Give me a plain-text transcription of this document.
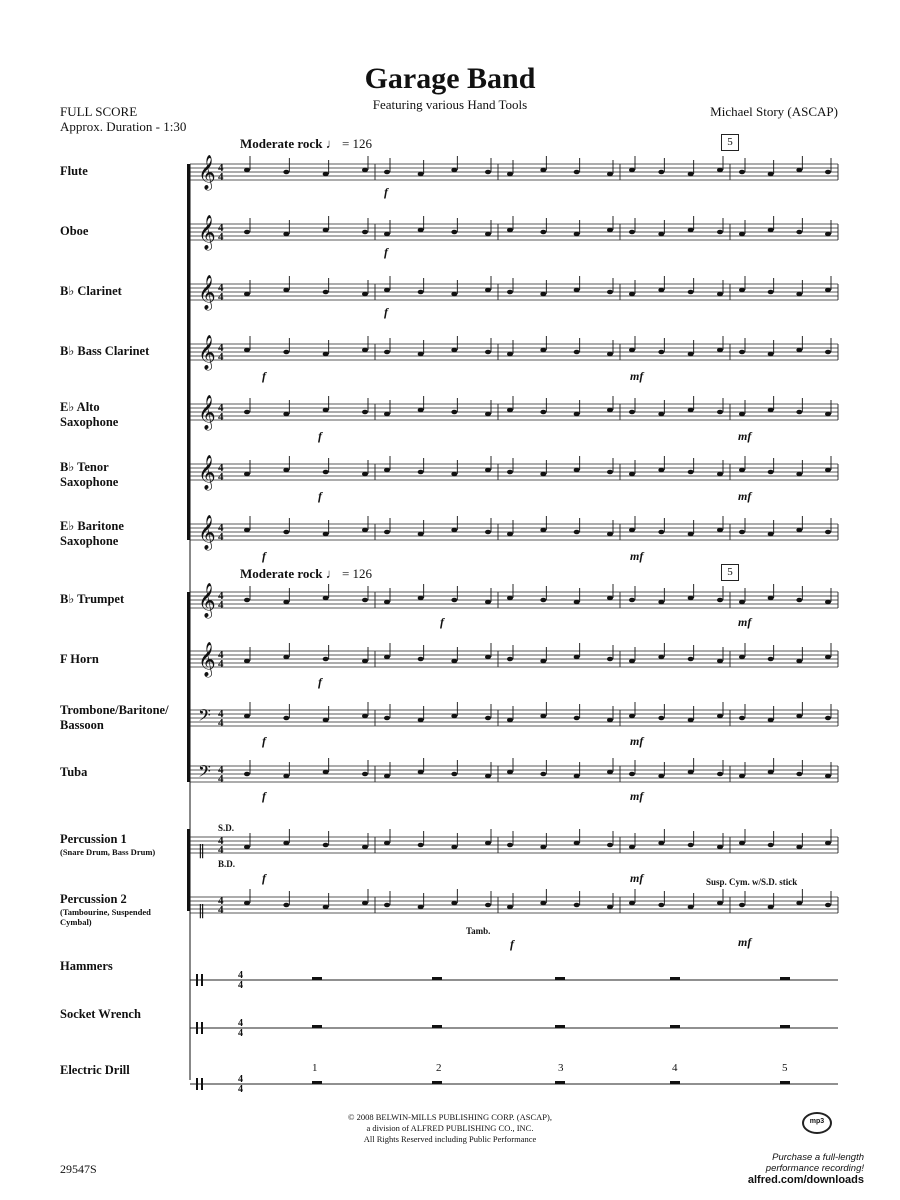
Garage Band
Featuring various Hand Tools
FULL SCORE
Approx. Duration - 1:30
Michael Story (ASCAP)
Moderate rock ♩ = 126	5
Moderate rock ♩ = 126	5
Flute
Oboe
B♭ Clarinet
B♭ Bass Clarinet
E♭ Alto Saxophone
B♭ Tenor Saxophone
E♭ Baritone Saxophone
B♭ Trumpet
F Horn
Trombone/Baritone/ Bassoon
Tuba
Percussion 1
(Snare Drum, Bass Drum)
Percussion 2
(Tambourine, Suspended Cymbal)
Hammers
Socket Wrench
Electric Drill
𝄞 4
4
𝄞 4
4
𝄞 4
4
𝄞 4
4
𝄞 4
4
𝄞 4
4
𝄞 4
4
𝄞 4
4
𝄞 4
4
𝄢 4
4
𝄢 4
4
‖
4
4
‖
4
4
4
4
4
4
4
4
f
f
f
f	mf
f	mf
f	mf
f	mf
f	mf
f
f	mf
f	mf
f	mf
f	mf
S.D.
B.D.
Tamb.
Susp. Cym. w/S.D. stick
1	2	3	4	5
© 2008 BELWIN-MILLS PUBLISHING CORP. (ASCAP),
a division of ALFRED PUBLISHING CO., INC.
All Rights Reserved including Public Performance
29547S
mp3
Purchase a full-length
performance recording!
alfred.com/downloads
